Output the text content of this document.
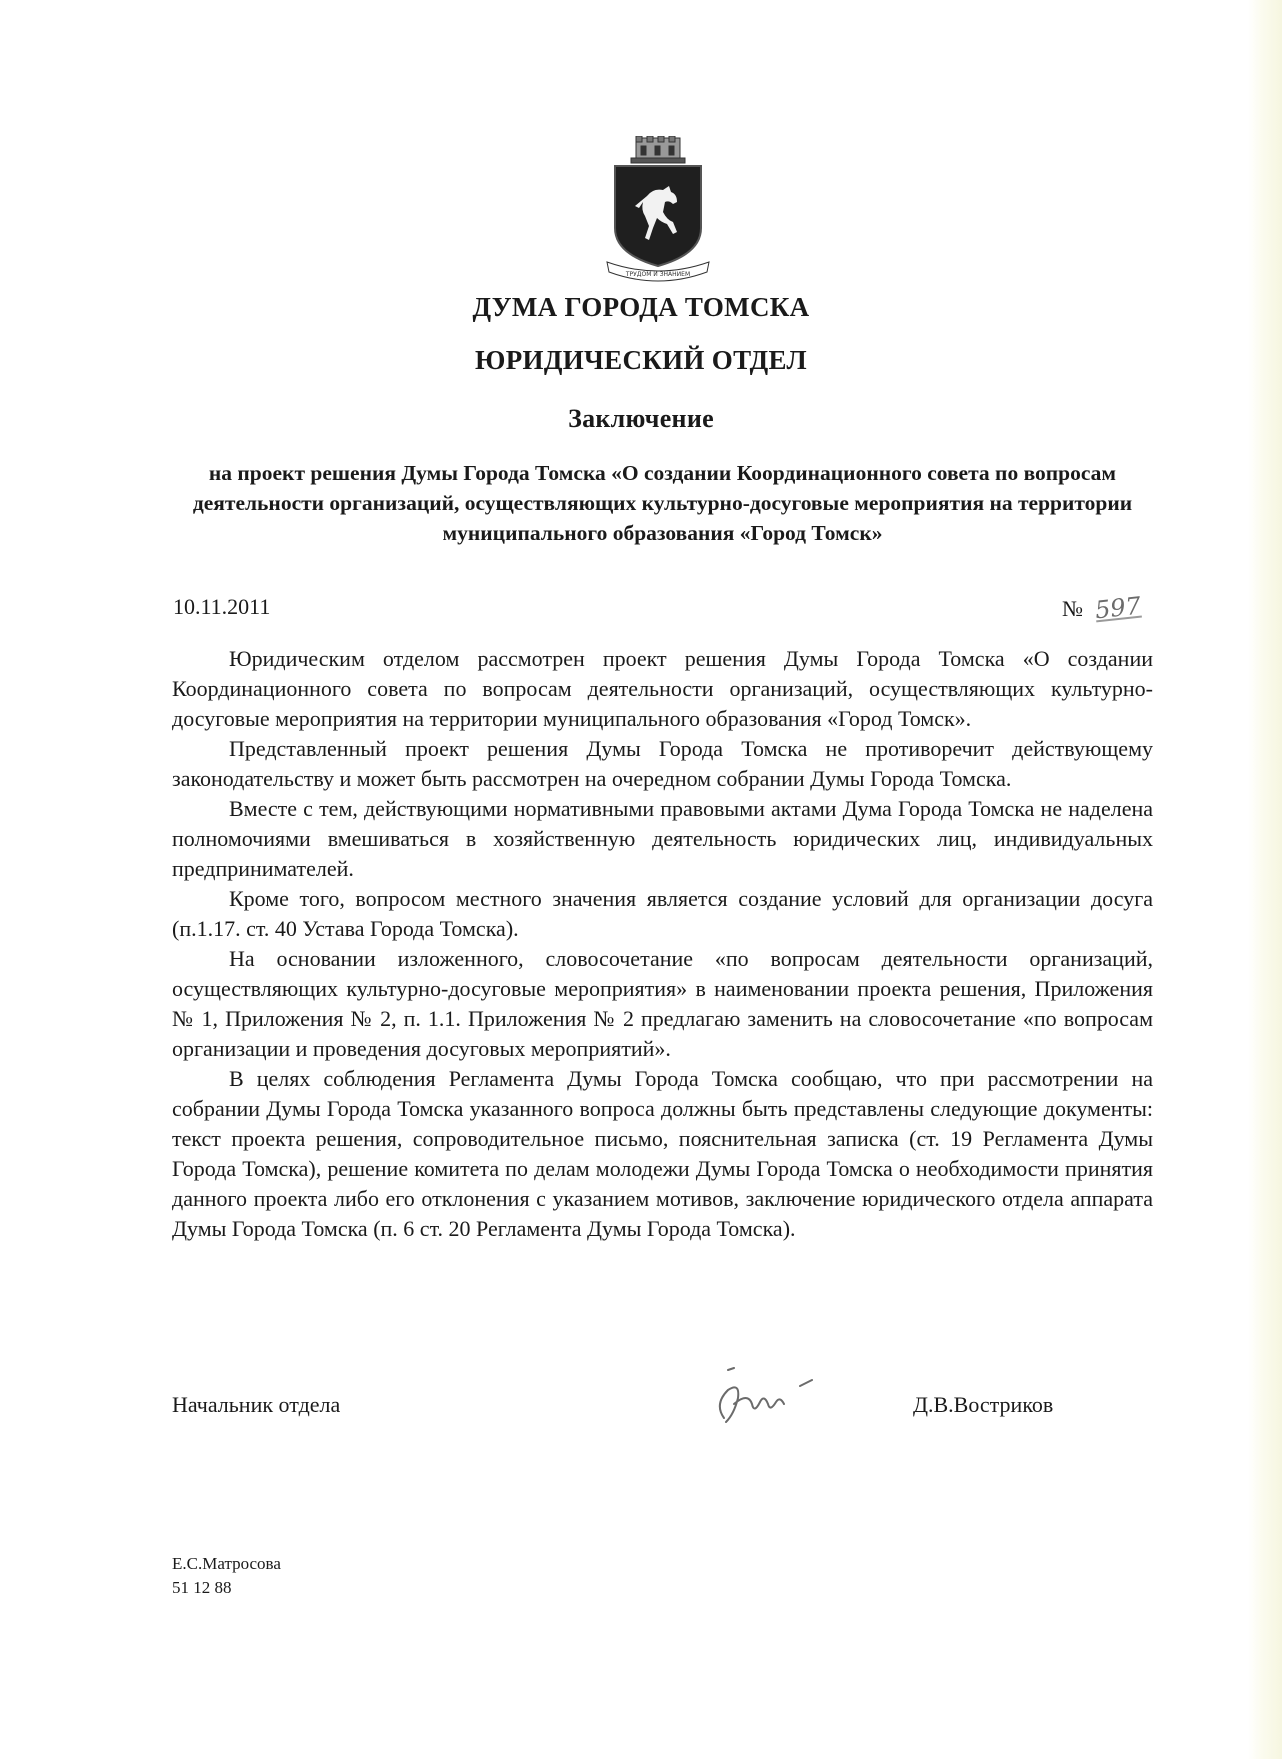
ТРУДОМ И ЗНАНИЕМ
ДУМА ГОРОДА ТОМСКА
ЮРИДИЧЕСКИЙ ОТДЕЛ
Заключение
на проект решения Думы Города Томска «О создании Координационного совета по вопросам деятельности организаций, осуществляющих культурно-досуговые мероприятия на территории муниципального образования «Город Томск»
10.11.2011	№ 597

Юридическим отделом рассмотрен проект решения Думы Города Томска «О создании Координационного совета по вопросам деятельности организаций, осуществляющих культурно-досуговые мероприятия на территории муниципального образования «Город Томск».

Представленный проект решения Думы Города Томска не противоречит действующему законодательству и может быть рассмотрен на очередном собрании Думы Города Томска.

Вместе с тем, действующими нормативными правовыми актами Дума Города Томска не наделена полномочиями вмешиваться в хозяйственную деятельность юридических лиц, индивидуальных предпринимателей.

Кроме того, вопросом местного значения является создание условий для организации досуга (п.1.17. ст. 40 Устава Города Томска).

На основании изложенного, словосочетание «по вопросам деятельности организаций, осуществляющих культурно-досуговые мероприятия» в наименовании проекта решения, Приложения № 1, Приложения № 2, п. 1.1. Приложения № 2 предлагаю заменить на словосочетание «по вопросам организации и проведения досуговых мероприятий».

В целях соблюдения Регламента Думы Города Томска сообщаю, что при рассмотрении на собрании Думы Города Томска указанного вопроса должны быть представлены следующие документы: текст проекта решения, сопроводительное письмо, пояснительная записка (ст. 19 Регламента Думы Города Томска), решение комитета по делам молодежи Думы Города Томска о необходимости принятия данного проекта либо его отклонения с указанием мотивов, заключение юридического отдела аппарата Думы Города Томска (п. 6 ст. 20 Регламента Думы Города Томска).

Начальник отдела	Д.В.Востриков
Е.С.Матросова
51 12 88
